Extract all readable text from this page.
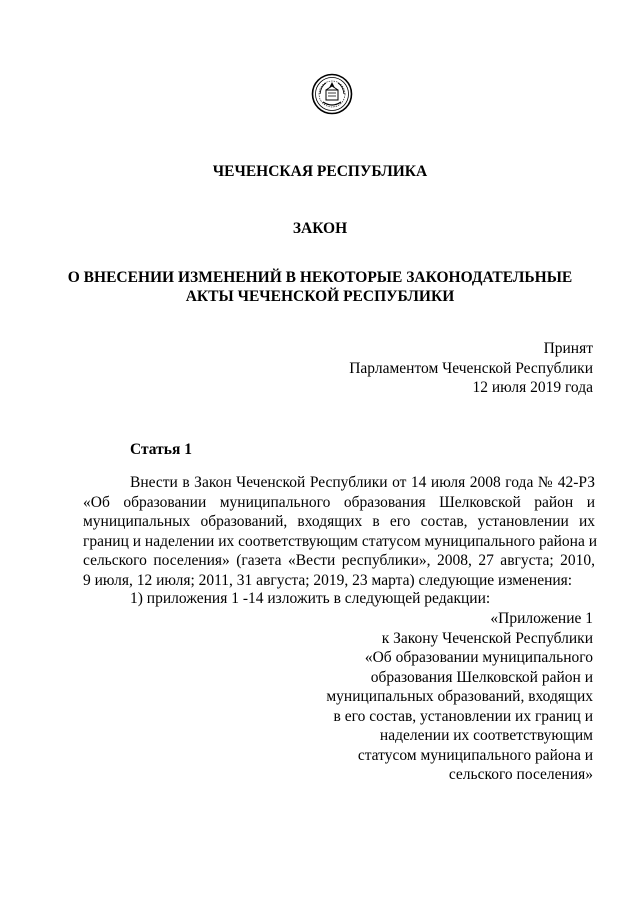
ЧЕЧЕНСКАЯ РЕСПУБЛИКА
ЗАКОН
О ВНЕСЕНИИ ИЗМЕНЕНИЙ В НЕКОТОРЫЕ ЗАКОНОДАТЕЛЬНЫЕ
АКТЫ ЧЕЧЕНСКОЙ РЕСПУБЛИКИ
Принят
Парламентом Чеченской Республики
12 июля 2019 года
Статья 1
Внести в Закон Чеченской Республики от 14 июля 2008 года № 42-РЗ
«Об образовании муниципального образования Шелковской район и
муниципальных образований, входящих в его состав, установлении их
границ и наделении их соответствующим статусом муниципального района и
сельского поселения» (газета «Вести республики», 2008, 27 августа; 2010,
9 июля, 12 июля; 2011, 31 августа; 2019, 23 марта) следующие изменения:
1) приложения 1 -14 изложить в следующей редакции:
«Приложение 1
к Закону Чеченской Республики
«Об образовании муниципального
образования Шелковской район и
муниципальных образований, входящих
в его состав, установлении их границ и
наделении их соответствующим
статусом муниципального района и
сельского поселения»
